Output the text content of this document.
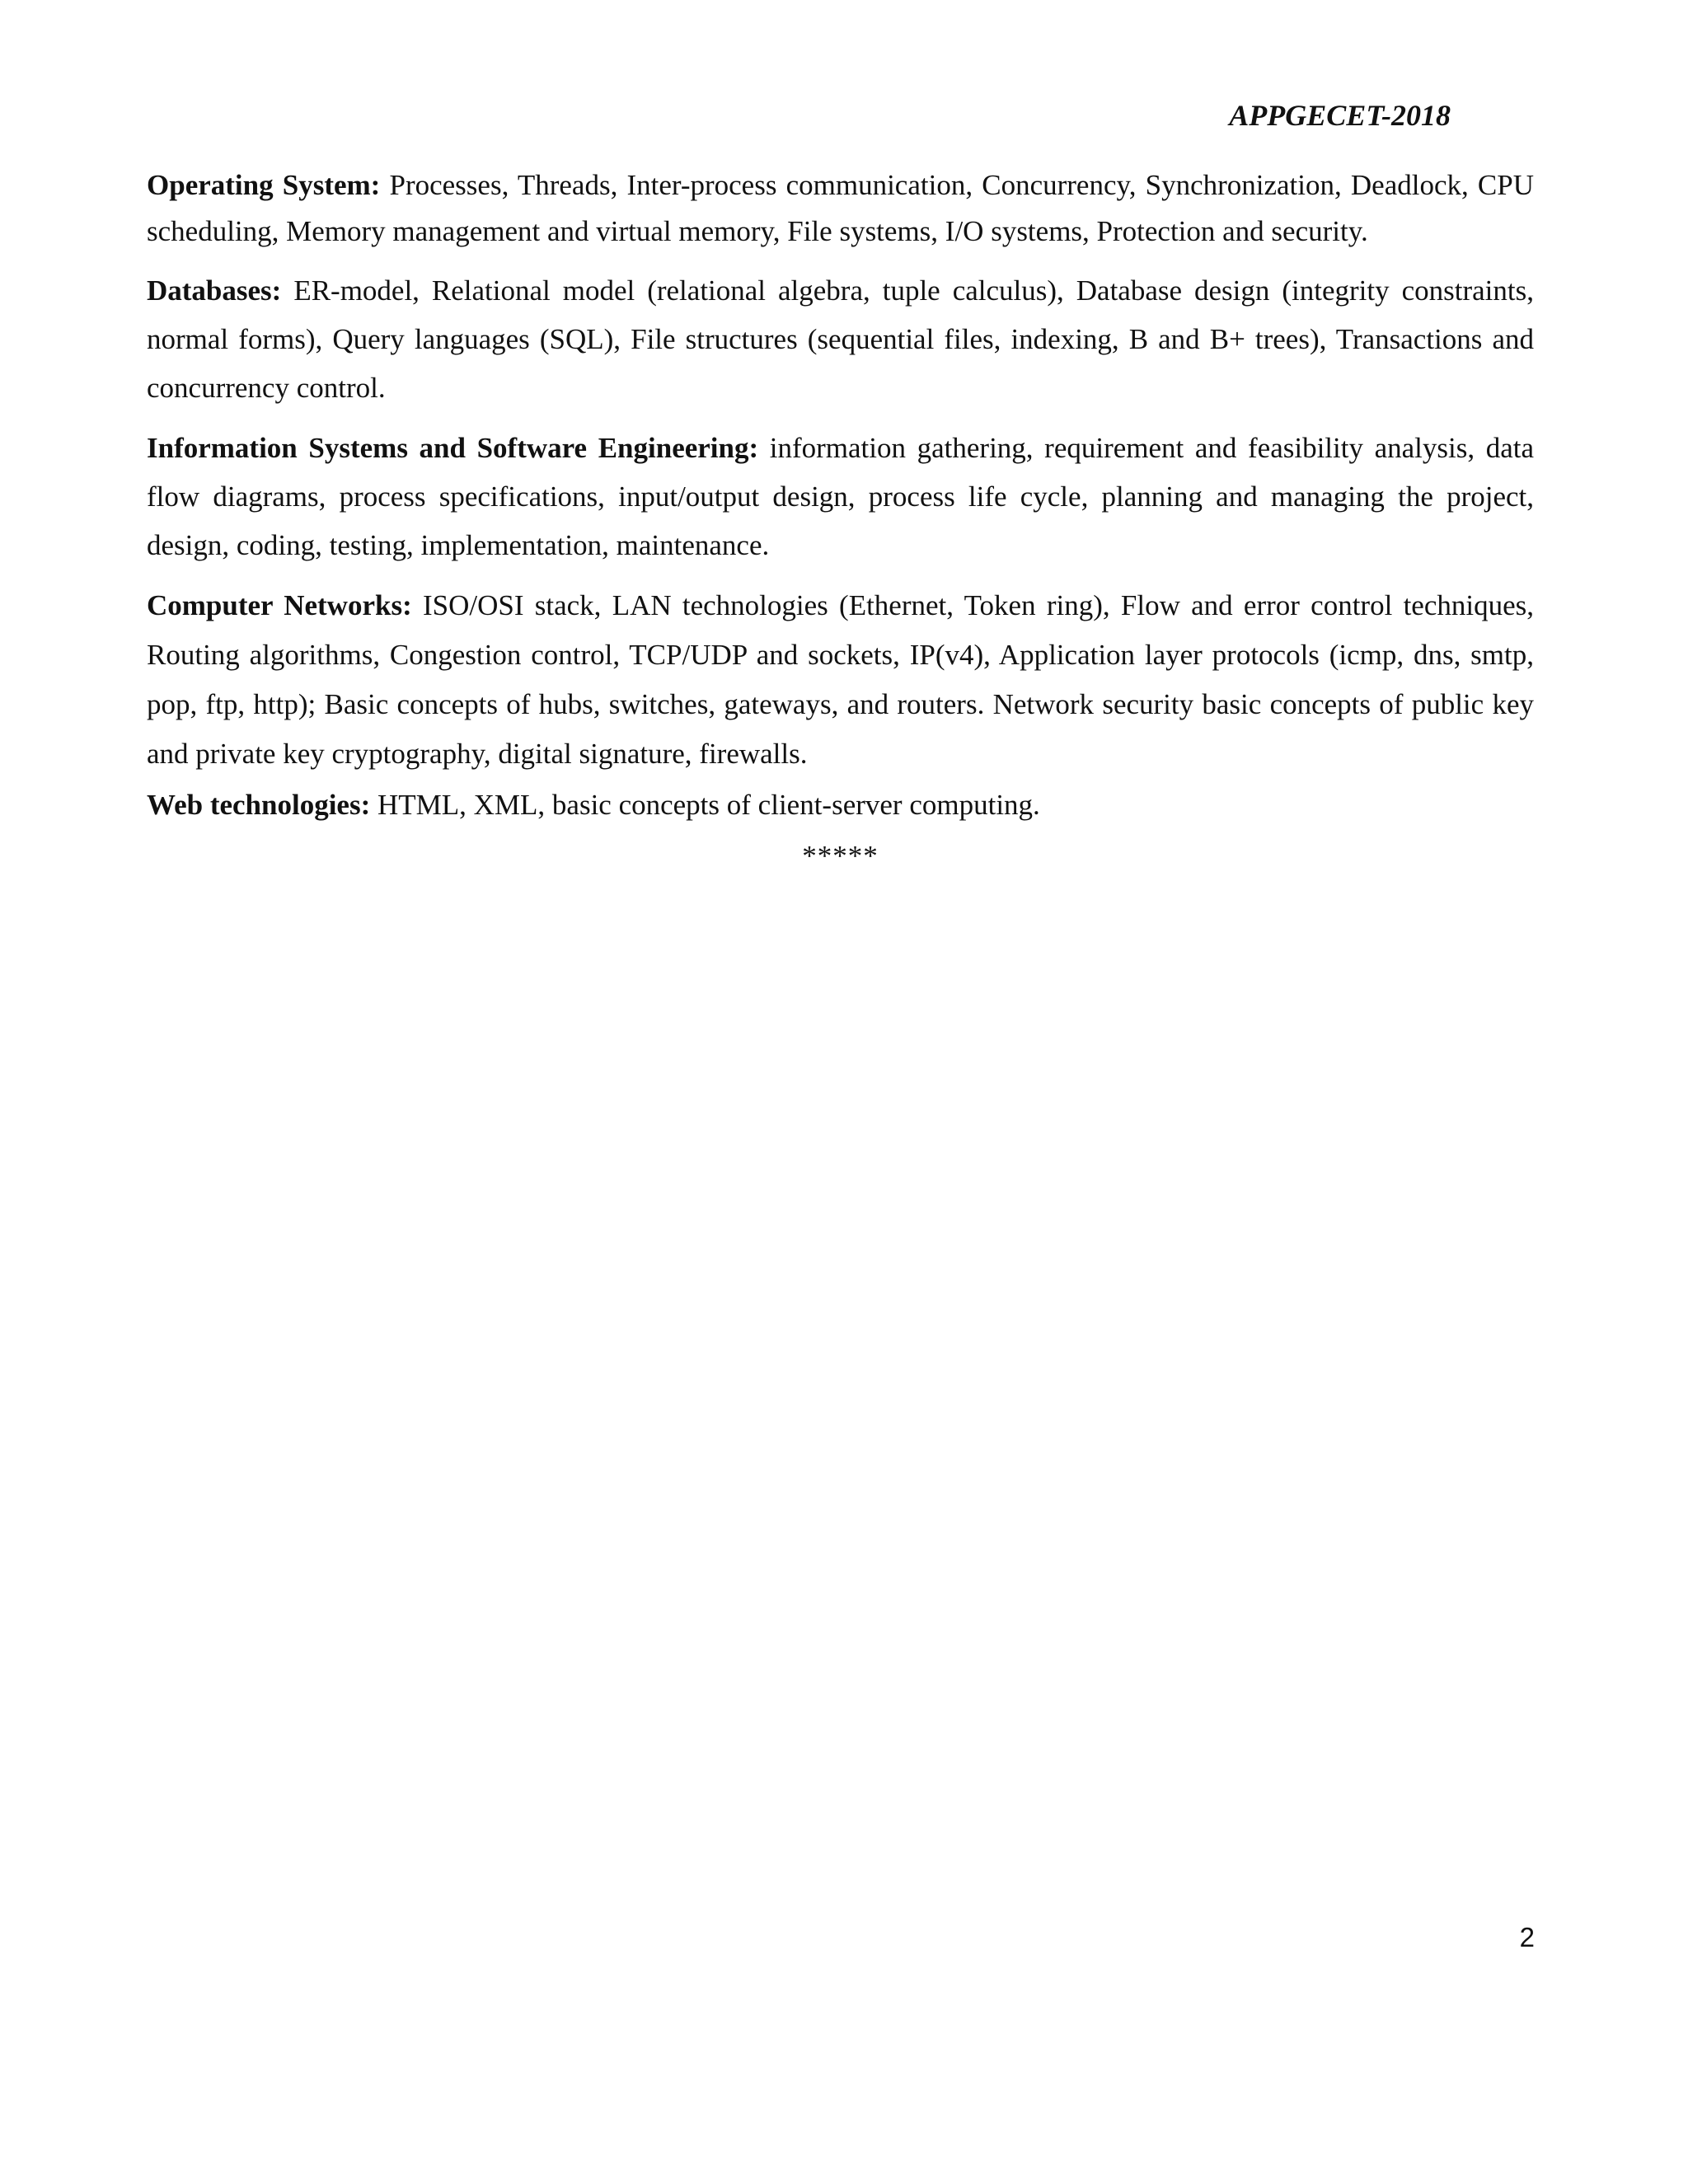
APPGECET-2018

Operating System: Processes, Threads, Inter-process communication, Concurrency, Synchronization, Deadlock, CPU scheduling, Memory management and virtual memory, File systems, I/O systems, Protection and security.

Databases: ER-model, Relational model (relational algebra, tuple calculus), Database design (integrity constraints, normal forms), Query languages (SQL), File structures (sequential files, indexing, B and B+ trees), Transactions and concurrency control.

Information Systems and Software Engineering: information gathering, requirement and feasibility analysis, data flow diagrams, process specifications, input/output design, process life cycle, planning and managing the project, design, coding, testing, implementation, maintenance.

Computer Networks: ISO/OSI stack, LAN technologies (Ethernet, Token ring), Flow and error control techniques, Routing algorithms, Congestion control, TCP/UDP and sockets, IP(v4), Application layer protocols (icmp, dns, smtp, pop, ftp, http); Basic concepts of hubs, switches, gateways, and routers. Network security basic concepts of public key and private key cryptography, digital signature, firewalls.

Web technologies: HTML, XML, basic concepts of client-server computing.

*****
2
